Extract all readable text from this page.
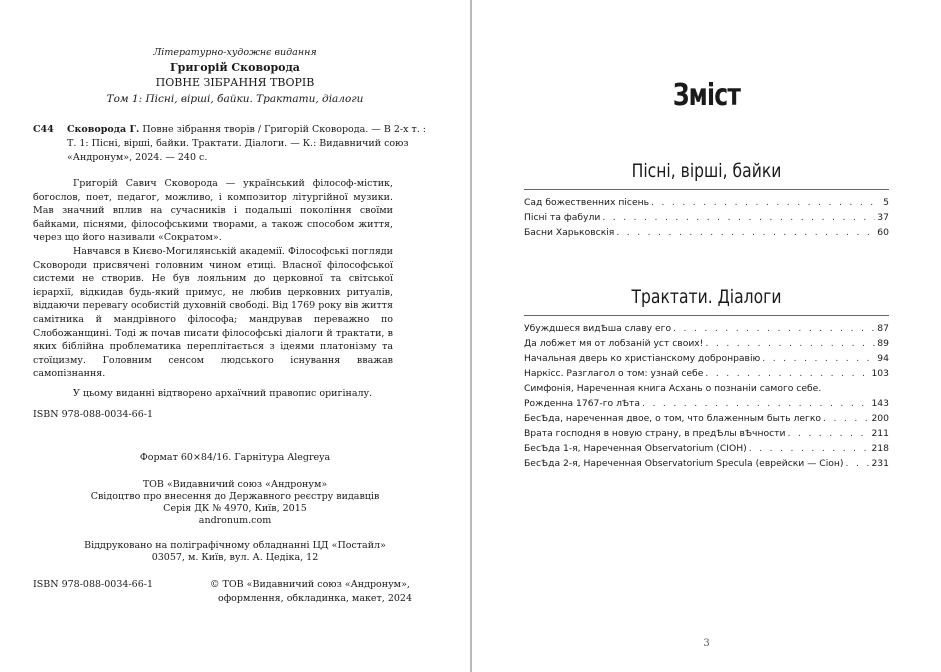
Літературно-художнє видання
Григорій Сковорода
ПОВНЕ ЗІБРАННЯ ТВОРІВ
Том 1: Пісні, вірші, байки. Трактати, діалоги
С44 Сковорода Г. Повне зібрання творів / Григорій Сковорода. — В 2-х т. :
Т. 1: Пісні, вірші, байки. Трактати. Діалоги. — К.: Видавничий союз
«Андронум», 2024. — 240 с.

Григорій Савич Сковорода — український філософ-містик, богослов, поет, педагог, можливо, і композитор літургійної музики. Мав значний вплив на сучасників і подальші покоління своїми байками, піснями, філософськими творами, а також способом життя, через що його називали «Сократом».

Навчався в Києво-Могилянській академії. Філософські погляди Сковороди присвячені головним чином етиці. Власної філософської системи не створив. Не був лояльним до церковної та світської ієрархії, відкидав будь-який примус, не любив церковних ритуалів, віддаючи перевагу особистій духовній свободі. Від 1769 року вів життя самітника й мандрівного філософа; мандрував переважно по Слобожанщині. Тоді ж почав писати філософські діалоги й трактати, в яких біблійна проблематика переплітається з ідеями платонізму та стоїцизму. Головним сенсом людського існування вважав самопізнання.

У цьому виданні відтворено архаїчний правопис оригіналу.

ISBN 978-088-0034-66-1
Формат 60×84/16. Гарнітура Alegreya
ТОВ «Видавничий союз «Андронум»
Свідоцтво про внесення до Державного реєстру видавців
Серія ДК № 4970, Київ, 2015
andronum.com
Віддруковано на поліграфічному обладнанні ЦД «Постайл»
03057, м. Київ, вул. А. Цедіка, 12
ISBN 978-088-0034-66-1	© ТОВ «Видавничий союз «Андронум»,
оформлення, обкладинка, макет, 2024
Зміст
Пісні, вірші, байки
Сад божественних пісень . . .	5
Пісні та фабули . . .	37
Басни Харьковскія . . .	60
Трактати. Діалоги
Убуждшеся видѢша славу его . . .	87
Да лобжет мя от лобзаній уст своих! . . .	89
Начальная дверь ко христіанскому добронравію . . .	94
Наркісс. Разглагол о том: узнай себе . . .	103
Симфонія, Нареченная книга Асхань о познаніи самого себе.
Рожденна 1767-го лѢта . . .	143
БесѢда, нареченная двое, о том, что блаженным быть легко . . .	200
Врата господня в новую страну, в предѢлы вѢчности . . .	211
БесѢда 1-я, Нареченная Observatorium (СІОН) . . .	218
БесѢда 2-я, Нареченная Observatorium Specula (еврейски — Сіон) . . .	231
3
